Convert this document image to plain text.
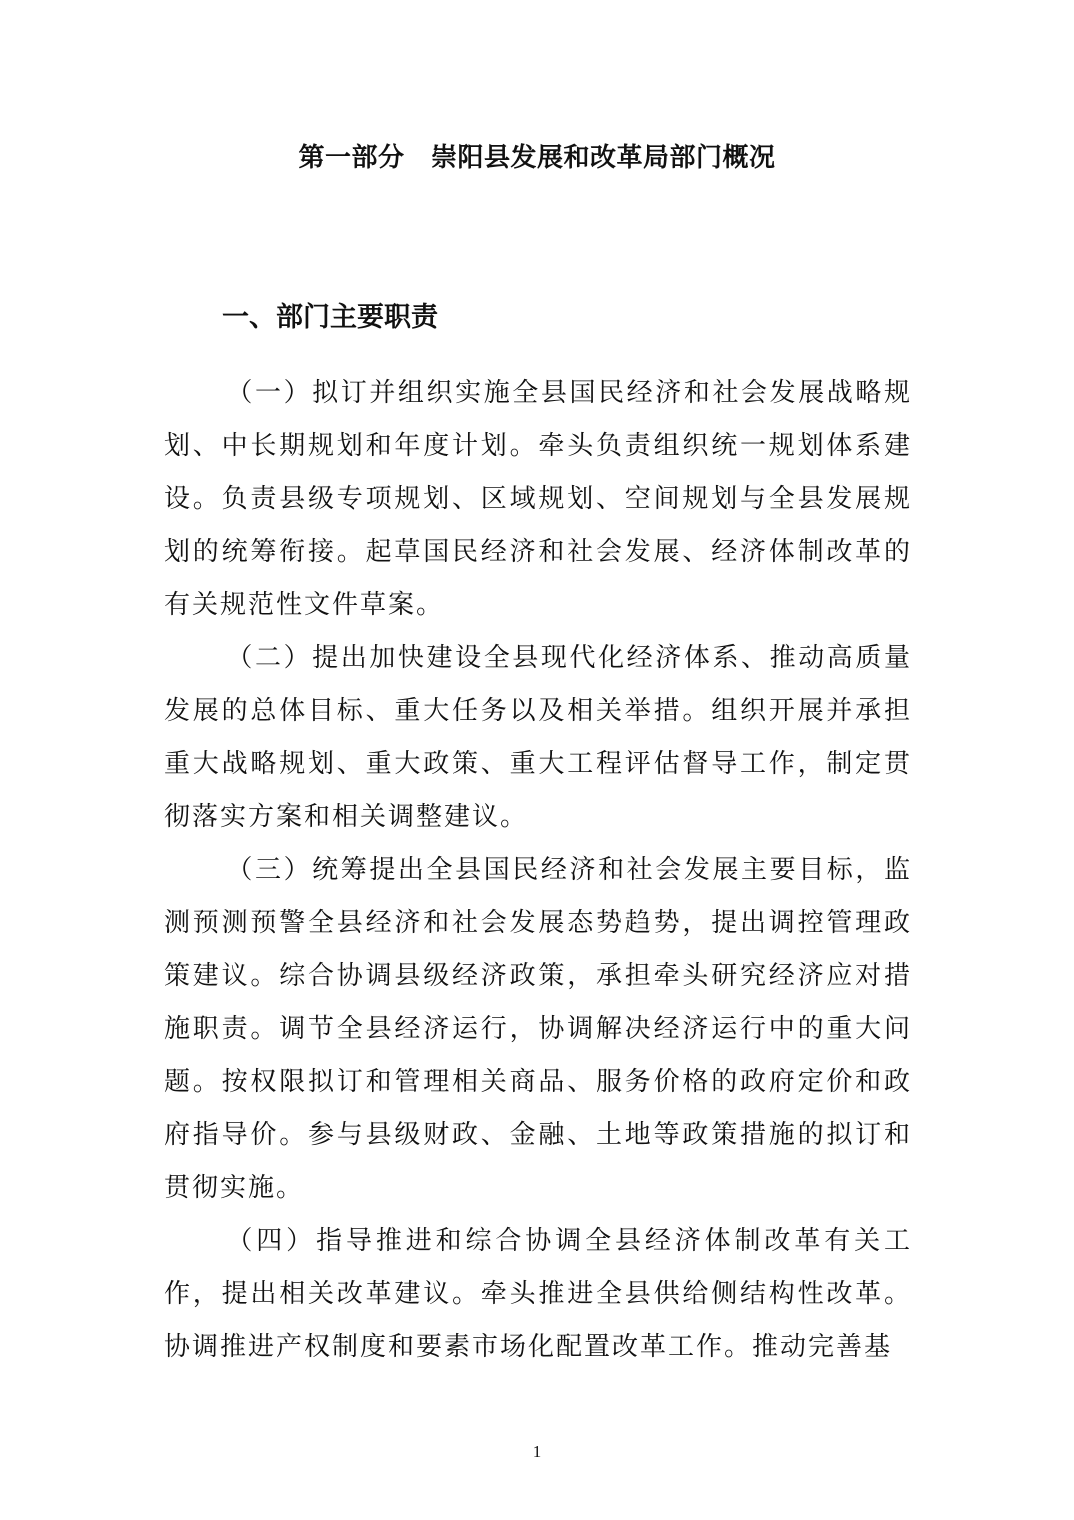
第一部分　崇阳县发展和改革局部门概况
一、部门主要职责

（一）拟订并组织实施全县国民经济和社会发展战略规划、中长期规划和年度计划。牵头负责组织统一规划体系建设。负责县级专项规划、区域规划、空间规划与全县发展规划的统筹衔接。起草国民经济和社会发展、经济体制改革的有关规范性文件草案。

（二）提出加快建设全县现代化经济体系、推动高质量发展的总体目标、重大任务以及相关举措。组织开展并承担重大战略规划、重大政策、重大工程评估督导工作，制定贯彻落实方案和相关调整建议。

（三）统筹提出全县国民经济和社会发展主要目标，监测预测预警全县经济和社会发展态势趋势，提出调控管理政策建议。综合协调县级经济政策，承担牵头研究经济应对措施职责。调节全县经济运行，协调解决经济运行中的重大问题。按权限拟订和管理相关商品、服务价格的政府定价和政府指导价。参与县级财政、金融、土地等政策措施的拟订和贯彻实施。

（四）指导推进和综合协调全县经济体制改革有关工作，提出相关改革建议。牵头推进全县供给侧结构性改革。协调推进产权制度和要素市场化配置改革工作。推动完善基

1
